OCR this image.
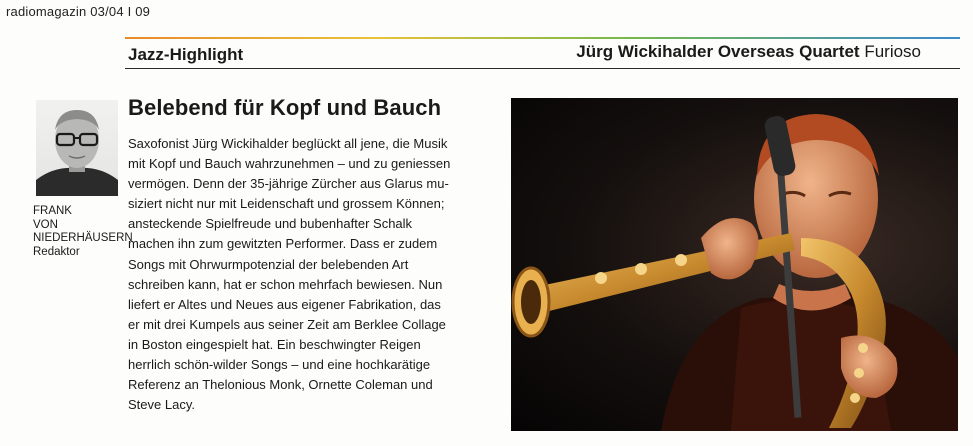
radiomagazin 03/04 I 09
Jazz-Highlight	Jürg Wickihalder Overseas Quartet Furioso
FRANK
VON
NIEDERHÄUSERN
Redaktor
Belebend für Kopf und Bauch
Saxofonist Jürg Wickihalder beglückt all jene, die Musik
mit Kopf und Bauch wahrzunehmen – und zu geniessen
vermögen. Denn der 35-jährige Zürcher aus Glarus mu-
siziert nicht nur mit Leidenschaft und grossem Können;
ansteckende Spielfreude und bubenhafter Schalk
machen ihn zum gewitzten Performer. Dass er zudem
Songs mit Ohrwurmpotenzial der belebenden Art
schreiben kann, hat er schon mehrfach bewiesen. Nun
liefert er Altes und Neues aus eigener Fabrikation, das
er mit drei Kumpels aus seiner Zeit am Berklee Collage
in Boston eingespielt hat. Ein beschwingter Reigen
herrlich schön-wilder Songs – und eine hochkarätige
Referenz an Thelonious Monk, Ornette Coleman und
Steve Lacy.
